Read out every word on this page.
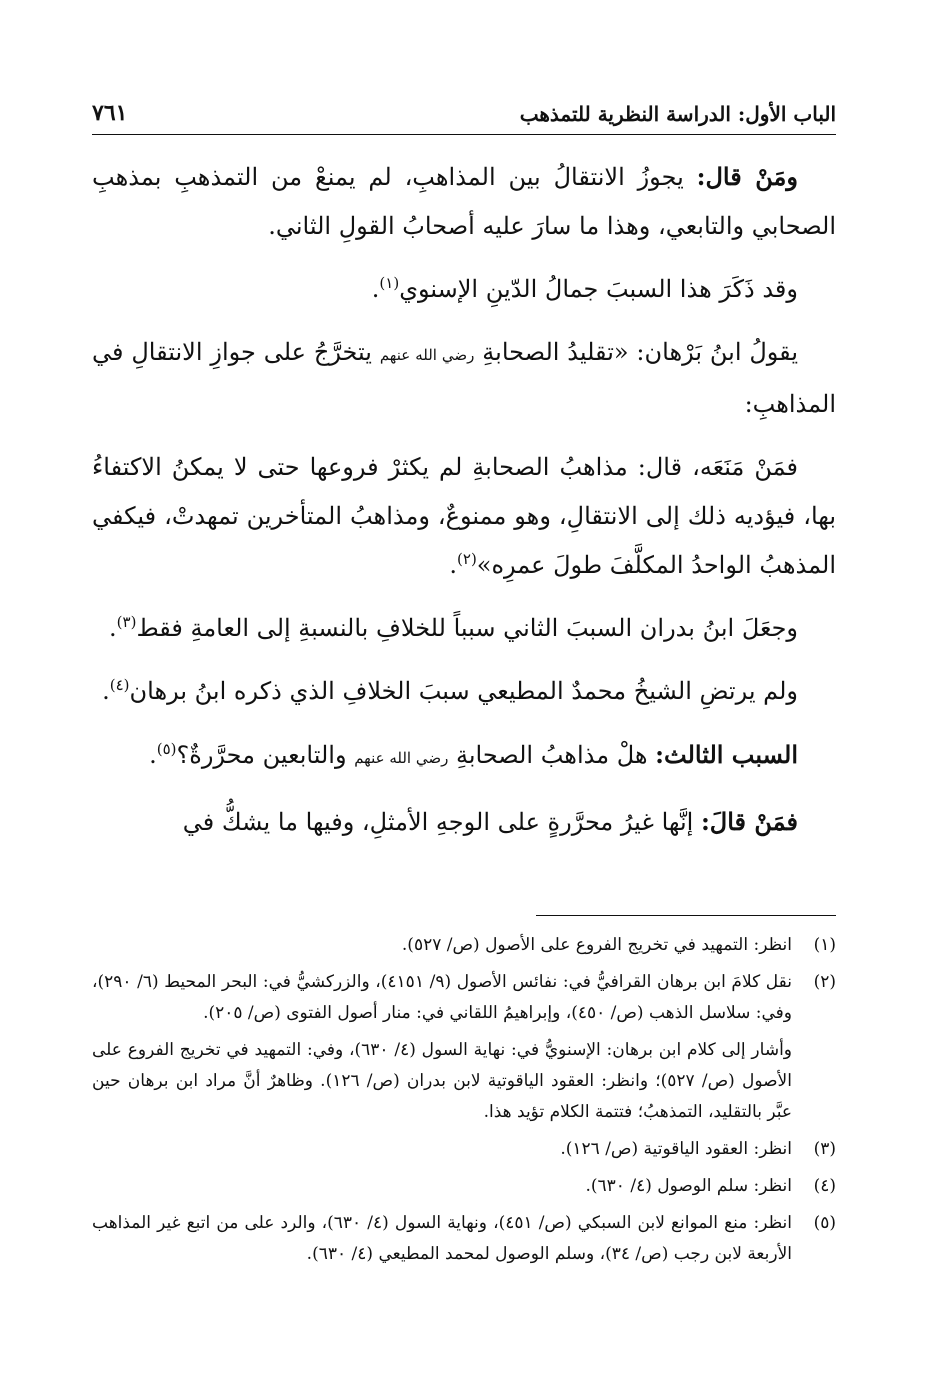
الباب الأول: الدراسة النظرية للتمذهب
٧٦١

ومَنْ قال: يجوزُ الانتقالُ بين المذاهبِ، لم يمنعْ من التمذهبِ بمذهبِ الصحابي والتابعي، وهذا ما سارَ عليه أصحابُ القولِ الثاني.

وقد ذَكَرَ هذا السببَ جمالُ الدّينِ الإسنوي$^{(١)}$.

يقولُ ابنُ بَرْهان: «تقليدُ الصحابةِ رضي الله عنهم يتخرَّجُ على جوازِ الانتقالِ في المذاهبِ:

فمَنْ مَنَعَه، قال: مذاهبُ الصحابةِ لم يكثرْ فروعها حتى لا يمكنُ الاكتفاءُ بها، فيؤديه ذلك إلى الانتقالِ، وهو ممنوعٌ، ومذاهبُ المتأخرين تمهدتْ، فيكفي المذهبُ الواحدُ المكلَّفَ طولَ عمرِه»$^{(٢)}$.

وجعَلَ ابنُ بدران السببَ الثاني سبباً للخلافِ بالنسبةِ إلى العامةِ فقط$^{(٣)}$.

ولم يرتضِ الشيخُ محمدٌ المطيعي سببَ الخلافِ الذي ذكره ابنُ برهان$^{(٤)}$.

السبب الثالث: هلْ مذاهبُ الصحابةِ رضي الله عنهم والتابعين محرَّرةٌ؟$^{(٥)}$.

فمَنْ قالَ: إنَّها غيرُ محرَّرةٍ على الوجهِ الأمثلِ، وفيها ما يشكُّ في

(١)
انظر: التمهيد في تخريج الفروع على الأصول (ص/ ٥٢٧).
(٢)
نقل كلامَ ابن برهان القرافيُّ في: نفائس الأصول (٩/ ٤١٥١)، والزركشيُّ في: البحر المحيط (٦/ ٢٩٠)، وفي: سلاسل الذهب (ص/ ٤٥٠)، وإبراهيمُ اللقاني في: منار أصول الفتوى (ص/ ٢٠٥).
وأشار إلى كلام ابن برهان: الإسنويُّ في: نهاية السول (٤/ ٦٣٠)، وفي: التمهيد في تخريج الفروع على الأصول (ص/ ٥٢٧)؛ وانظر: العقود الياقوتية لابن بدران (ص/ ١٢٦). وظاهرٌ أنَّ مراد ابن برهان حين عبَّر بالتقليد، التمذهبُ؛ فتتمة الكلام تؤيد هذا.
(٣)
انظر: العقود الياقوتية (ص/ ١٢٦).
(٤)
انظر: سلم الوصول (٤/ ٦٣٠).
(٥)
انظر: منع الموانع لابن السبكي (ص/ ٤٥١)، ونهاية السول (٤/ ٦٣٠)، والرد على من اتبع غير المذاهب الأربعة لابن رجب (ص/ ٣٤)، وسلم الوصول لمحمد المطيعي (٤/ ٦٣٠).
